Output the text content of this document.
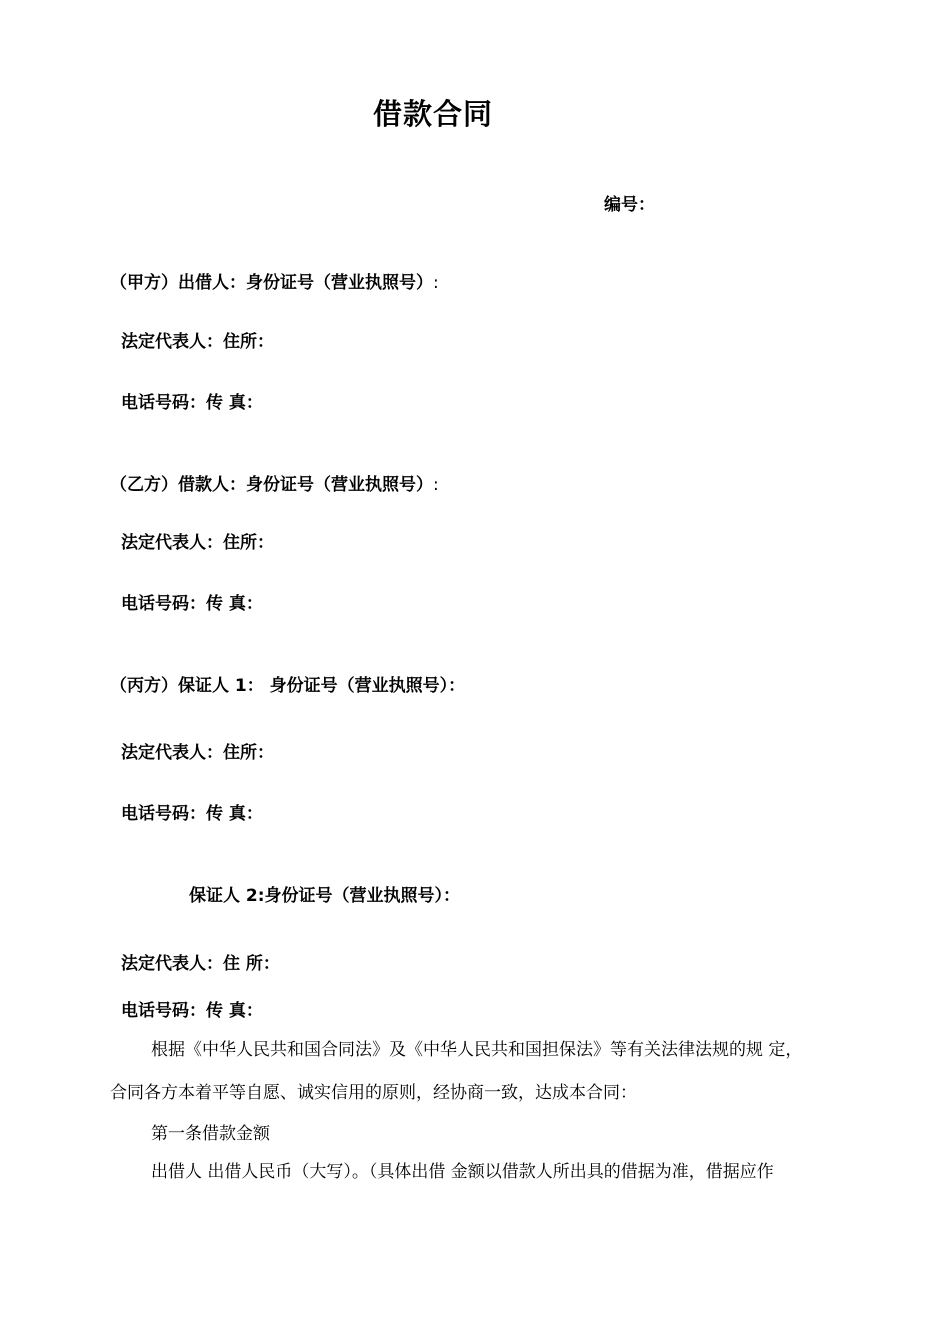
借款合同
编号：
（甲方）出借人：身份证号（营业执照号）:
法定代表人：住所：
电话号码：传 真：
（乙方）借款人：身份证号（营业执照号）:
法定代表人：住所：
电话号码：传 真：
（丙方）保证人 1： 身份证号（营业执照号）：
法定代表人：住所：
电话号码：传 真：
保证人 2:身份证号（营业执照号）：
法定代表人：住 所：
电话号码：传 真：
根据《中华人民共和国合同法》及《中华人民共和国担保法》等有关法律法规的规 定，
合同各方本着平等自愿、诚实信用的原则，经协商一致，达成本合同：
第一条借款金额
出借人 出借人民币（大写）。（具体出借 金额以借款人所出具的借据为准，借据应作
